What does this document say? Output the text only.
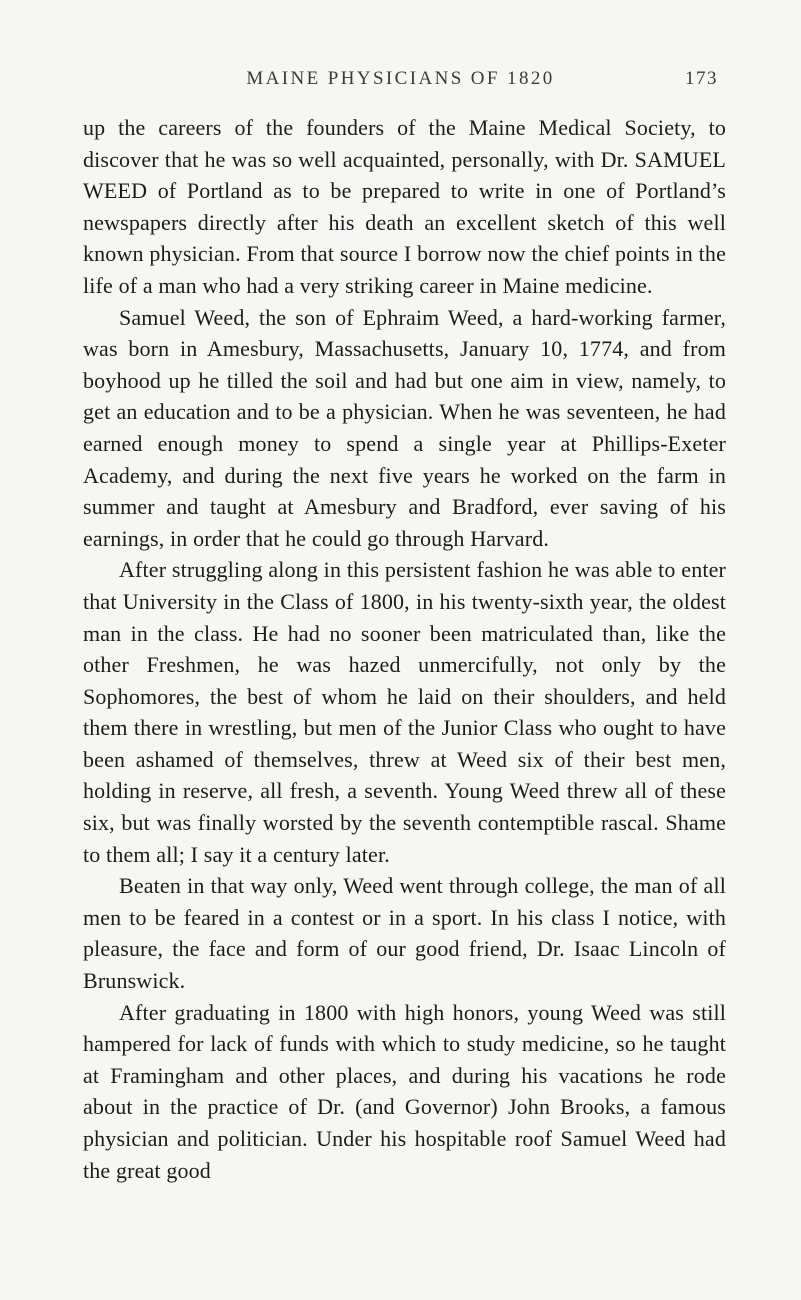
MAINE PHYSICIANS OF 1820	173

up the careers of the founders of the Maine Medical Society, to discover that he was so well acquainted, personally, with Dr. SAMUEL WEED of Portland as to be prepared to write in one of Portland’s newspapers directly after his death an excellent sketch of this well known physician. From that source I borrow now the chief points in the life of a man who had a very striking career in Maine medicine.

Samuel Weed, the son of Ephraim Weed, a hard-working farmer, was born in Amesbury, Massachusetts, January 10, 1774, and from boyhood up he tilled the soil and had but one aim in view, namely, to get an education and to be a physician. When he was seventeen, he had earned enough money to spend a single year at Phillips-Exeter Academy, and during the next five years he worked on the farm in summer and taught at Amesbury and Bradford, ever saving of his earnings, in order that he could go through Harvard.

After struggling along in this persistent fashion he was able to enter that University in the Class of 1800, in his twenty-sixth year, the oldest man in the class. He had no sooner been matriculated than, like the other Freshmen, he was hazed unmercifully, not only by the Sophomores, the best of whom he laid on their shoulders, and held them there in wrestling, but men of the Junior Class who ought to have been ashamed of themselves, threw at Weed six of their best men, holding in reserve, all fresh, a seventh. Young Weed threw all of these six, but was finally worsted by the seventh contemptible rascal. Shame to them all; I say it a century later.

Beaten in that way only, Weed went through college, the man of all men to be feared in a contest or in a sport. In his class I notice, with pleasure, the face and form of our good friend, Dr. Isaac Lincoln of Brunswick.

After graduating in 1800 with high honors, young Weed was still hampered for lack of funds with which to study medicine, so he taught at Framingham and other places, and during his vacations he rode about in the practice of Dr. (and Governor) John Brooks, a famous physician and politician. Under his hospitable roof Samuel Weed had the great good
